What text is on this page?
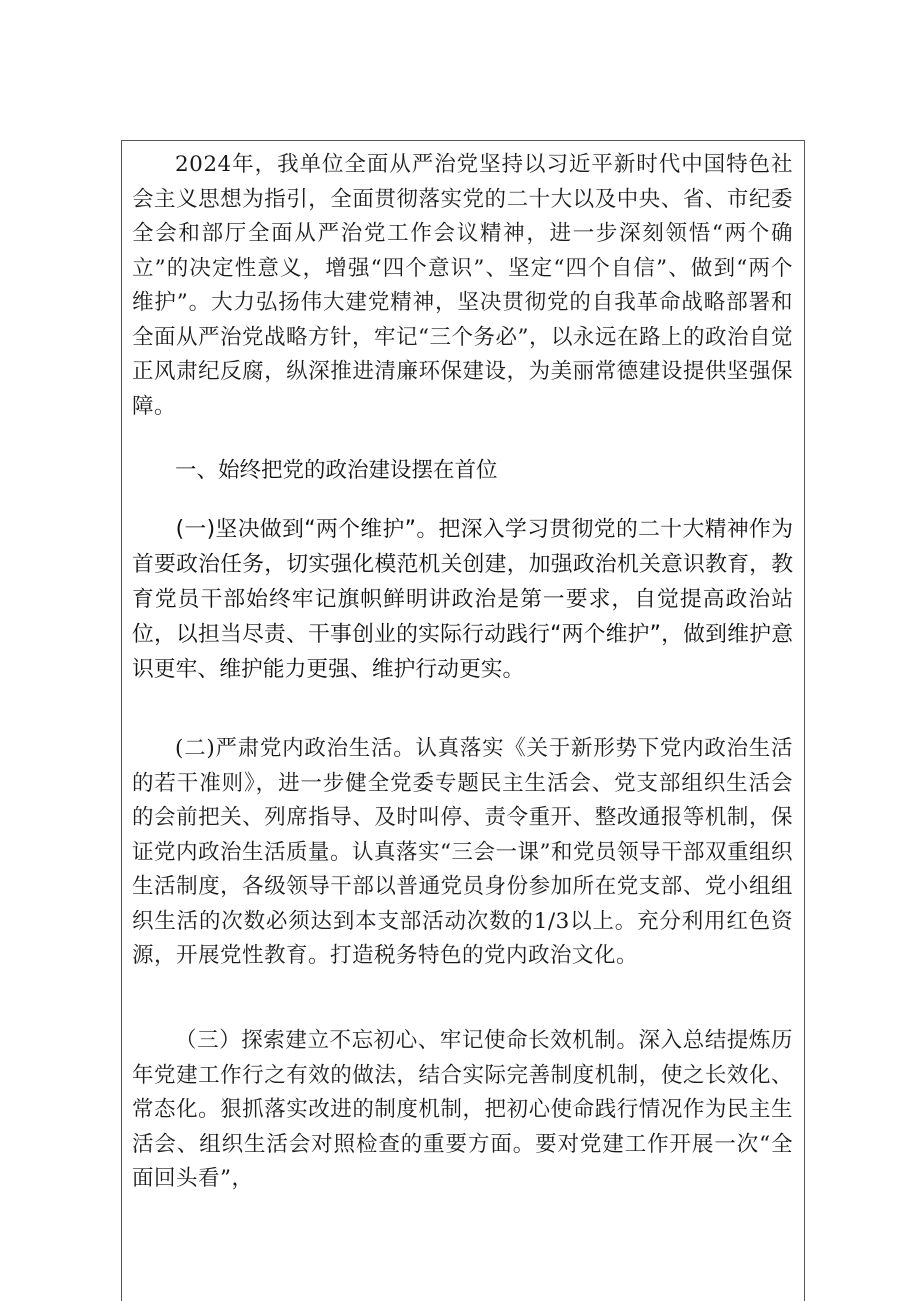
2024年，我单位全面从严治党坚持以习近平新时代中国特色社会主义思想为指引，全面贯彻落实党的二十大以及中央、省、市纪委全会和部厅全面从严治党工作会议精神，进一步深刻领悟“两个确立”的决定性意义，增强“四个意识”、坚定“四个自信”、做到“两个维护”。大力弘扬伟大建党精神，坚决贯彻党的自我革命战略部署和全面从严治党战略方针，牢记“三个务必”，以永远在路上的政治自觉正风肃纪反腐，纵深推进清廉环保建设，为美丽常德建设提供坚强保障。

一、始终把党的政治建设摆在首位

(一)坚决做到“两个维护”。把深入学习贯彻党的二十大精神作为首要政治任务，切实强化模范机关创建，加强政治机关意识教育，教育党员干部始终牢记旗帜鲜明讲政治是第一要求，自觉提高政治站位，以担当尽责、干事创业的实际行动践行“两个维护”，做到维护意识更牢、维护能力更强、维护行动更实。

(二)严肃党内政治生活。认真落实《关于新形势下党内政治生活的若干准则》，进一步健全党委专题民主生活会、党支部组织生活会的会前把关、列席指导、及时叫停、责令重开、整改通报等机制，保证党内政治生活质量。认真落实“三会一课”和党员领导干部双重组织生活制度，各级领导干部以普通党员身份参加所在党支部、党小组组织生活的次数必须达到本支部活动次数的1/3以上。充分利用红色资源，开展党性教育。打造税务特色的党内政治文化。

（三）探索建立不忘初心、牢记使命长效机制。深入总结提炼历年党建工作行之有效的做法，结合实际完善制度机制，使之长效化、常态化。狠抓落实改进的制度机制，把初心使命践行情况作为民主生活会、组织生活会对照检查的重要方面。要对党建工作开展一次“全面回头看”，
